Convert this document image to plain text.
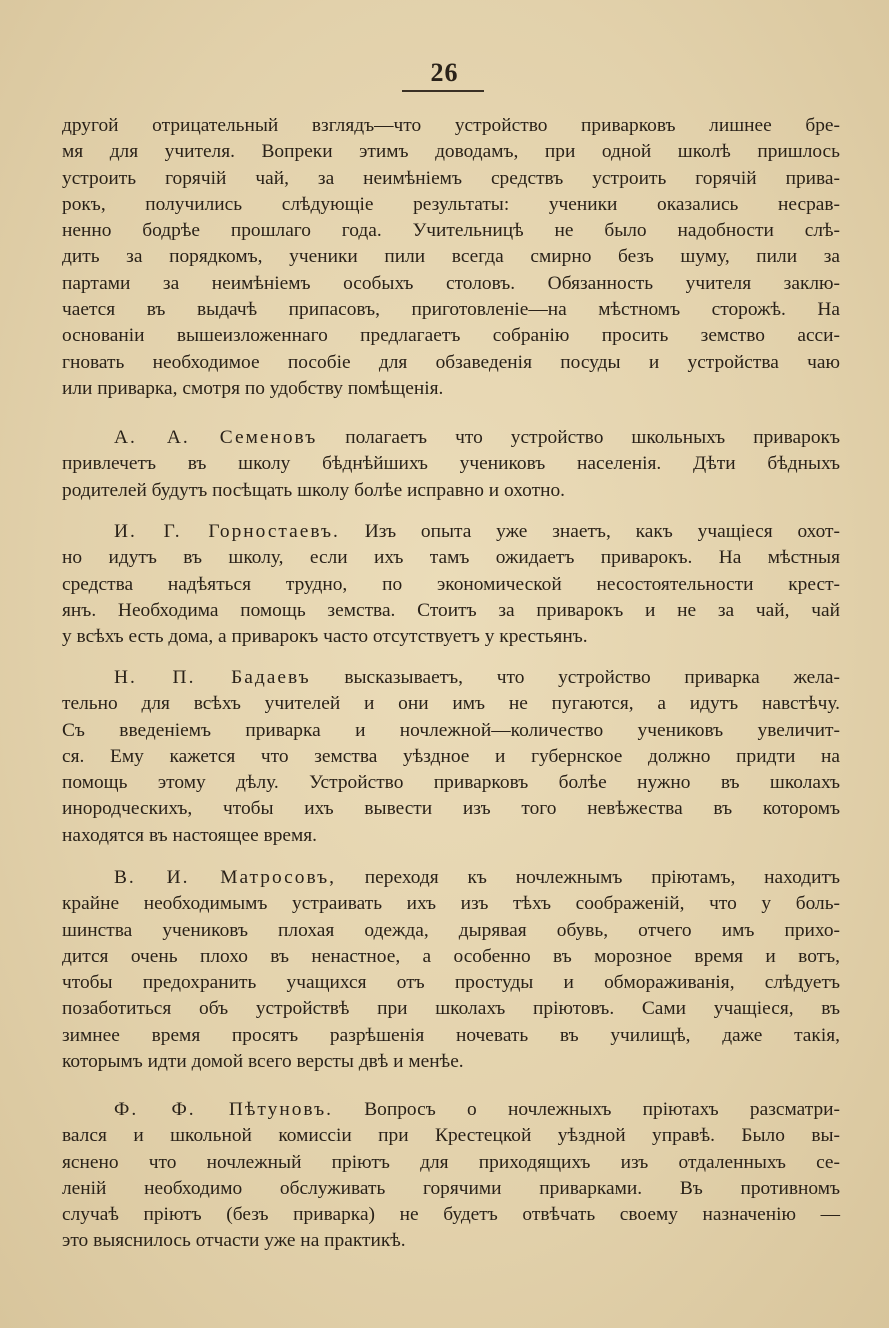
26
другой отрицательный взглядъ—что устройство приварковъ лишнее бре-
мя для учителя. Вопреки этимъ доводамъ, при одной школѣ пришлось
устроить горячій чай, за неимѣніемъ средствъ устроить горячій прива-
рокъ, получились слѣдующіе результаты: ученики оказались несрав-
ненно бодрѣе прошлаго года. Учительницѣ не было надобности слѣ-
дить за порядкомъ, ученики пили всегда смирно безъ шуму, пили за
партами за неимѣніемъ особыхъ столовъ. Обязанность учителя заклю-
чается въ выдачѣ припасовъ, приготовленіе—на мѣстномъ сторожѣ. На
основаніи вышеизложеннаго предлагаетъ собранію просить земство асси-
гновать необходимое пособіе для обзаведенія посуды и устройства чаю
или приварка, смотря по удобству помѣщенія.
А. А. Семеновъ полагаетъ что устройство школьныхъ приварокъ
привлечетъ въ школу бѣднѣйшихъ учениковъ населенія. Дѣти бѣдныхъ
родителей будутъ посѣщать школу болѣе исправно и охотно.
И. Г. Горностаевъ. Изъ опыта уже знаетъ, какъ учащіеся охот-
но идутъ въ школу, если ихъ тамъ ожидаетъ приварокъ. На мѣстныя
средства надѣяться трудно, по экономической несостоятельности крест-
янъ. Необходима помощь земства. Стоитъ за приварокъ и не за чай, чай
у всѣхъ есть дома, а приварокъ часто отсутствуетъ у крестьянъ.
Н. П. Бадаевъ высказываетъ, что устройство приварка жела-
тельно для всѣхъ учителей и они имъ не пугаются, а идутъ навстѣчу.
Съ введеніемъ приварка и ночлежной—количество учениковъ увеличит-
ся. Ему кажется что земства уѣздное и губернское должно придти на
помощь этому дѣлу. Устройство приварковъ болѣе нужно въ школахъ
инородческихъ, чтобы ихъ вывести изъ того невѣжества въ которомъ
находятся въ настоящее время.
В. И. Матросовъ, переходя къ ночлежнымъ пріютамъ, находитъ
крайне необходимымъ устраивать ихъ изъ тѣхъ соображеній, что у боль-
шинства учениковъ плохая одежда, дырявая обувь, отчего имъ прихо-
дится очень плохо въ ненастное, а особенно въ морозное время и вотъ,
чтобы предохранить учащихся отъ простуды и обмораживанія, слѣдуетъ
позаботиться объ устройствѣ при школахъ пріютовъ. Сами учащіеся, въ
зимнее время просятъ разрѣшенія ночевать въ училищѣ, даже такія,
которымъ идти домой всего версты двѣ и менѣе.
Ф. Ф. Пѣтуновъ. Вопросъ о ночлежныхъ пріютахъ разсматри-
вался и школьной комиссіи при Крестецкой уѣздной управѣ. Было вы-
яснено что ночлежный пріютъ для приходящихъ изъ отдаленныхъ се-
леній необходимо обслуживать горячими приварками. Въ противномъ
случаѣ пріютъ (безъ приварка) не будетъ отвѣчать своему назначенію —
это выяснилось отчасти уже на практикѣ.
